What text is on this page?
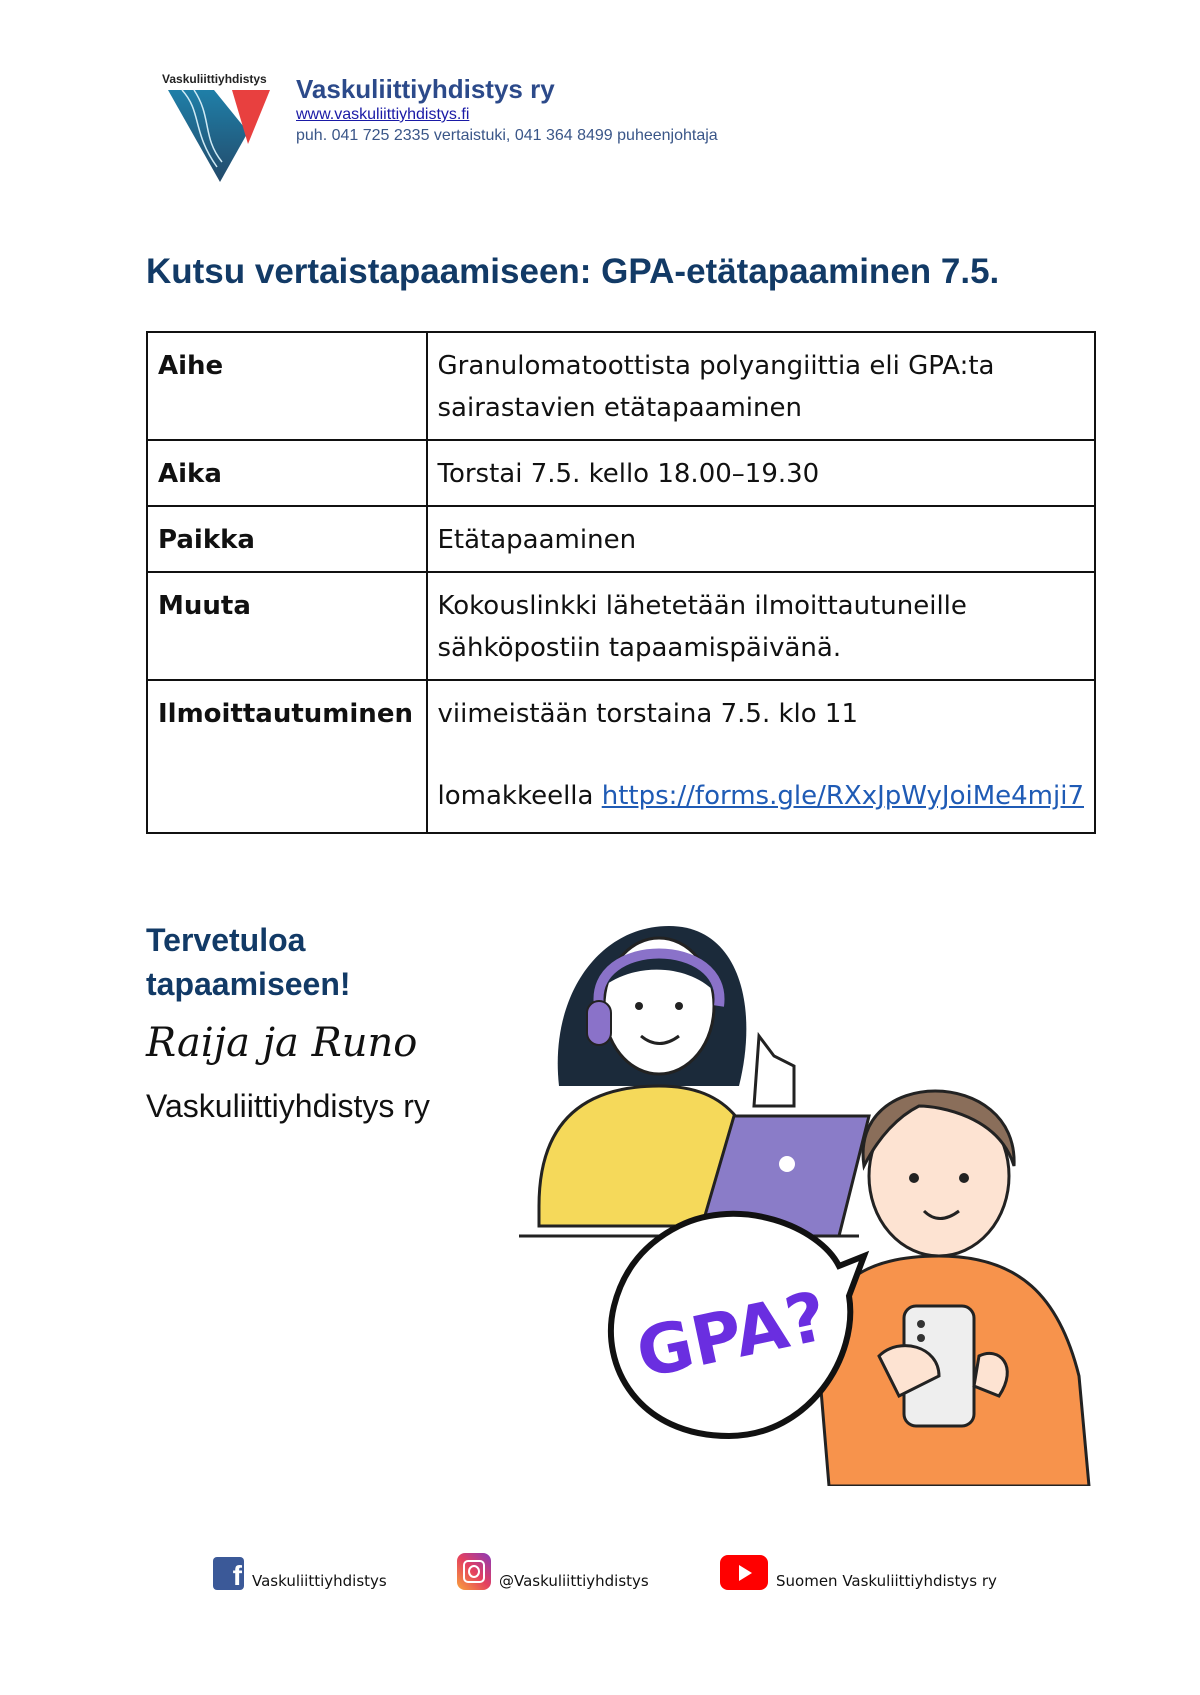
Vaskuliittiyhdistys Vaskuliittiyhdistys ry
www.vaskuliittiyhdistys.fi
puh. 041 725 2335 vertaistuki, 041 364 8499 puheenjohtaja
Kutsu vertaistapaamiseen: GPA-etätapaaminen 7.5.
Aihe	Granulomatoottista polyangiittia eli GPA:ta sairastavien etätapaaminen
Aika	Torstai 7.5. kello 18.00–19.30
Paikka	Etätapaaminen
Muuta	Kokouslinkki lähetetään ilmoittautuneille sähköpostiin tapaamispäivänä.
Ilmoittautuminen	viimeistään torstaina 7.5. klo 11
lomakkeella https://forms.gle/RXxJpWyJoiMe4mji7
Tervetuloa
tapaamiseen!
Raija ja Runo
Vaskuliittiyhdistys ry
GPA?
f Vaskuliittiyhdistys	@Vaskuliittiyhdistys	Suomen Vaskuliittiyhdistys ry
